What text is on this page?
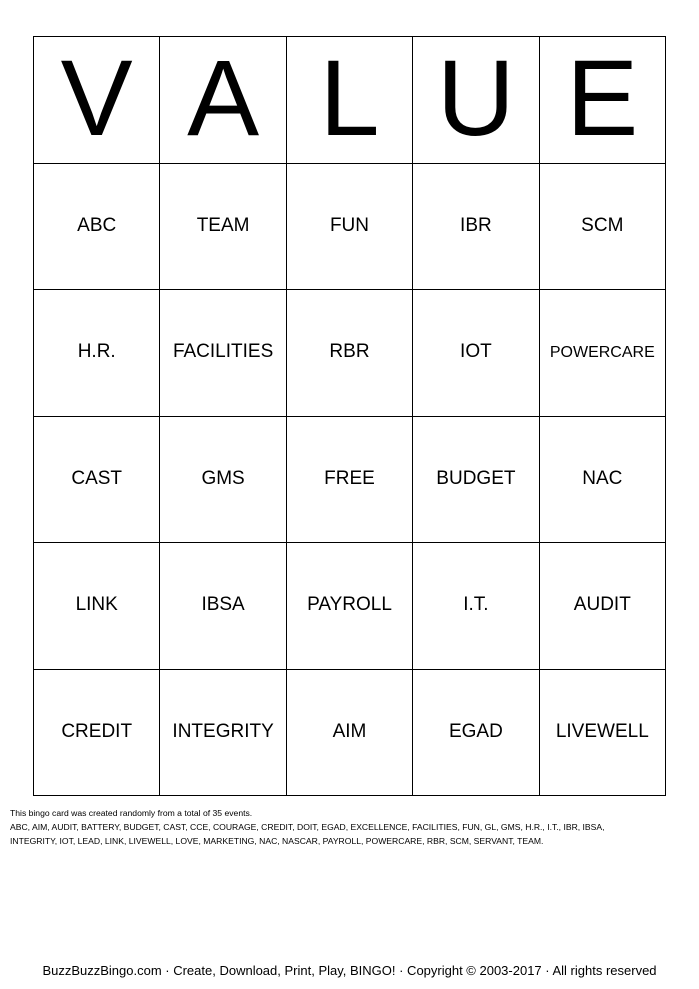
V A L U E
ABC	TEAM	FUN	IBR	SCM
H.R.	FACILITIES	RBR	IOT	POWERCARE
CAST	GMS	FREE	BUDGET	NAC
LINK	IBSA	PAYROLL	I.T.	AUDIT
CREDIT	INTEGRITY	AIM	EGAD	LIVEWELL

This bingo card was created randomly from a total of 35 events.

ABC, AIM, AUDIT, BATTERY, BUDGET, CAST, CCE, COURAGE, CREDIT, DOIT, EGAD, EXCELLENCE, FACILITIES, FUN, GL, GMS, H.R., I.T., IBR, IBSA,

INTEGRITY, IOT, LEAD, LINK, LIVEWELL, LOVE, MARKETING, NAC, NASCAR, PAYROLL, POWERCARE, RBR, SCM, SERVANT, TEAM.

BuzzBuzzBingo.com · Create, Download, Print, Play, BINGO! · Copyright © 2003-2017 · All rights reserved
